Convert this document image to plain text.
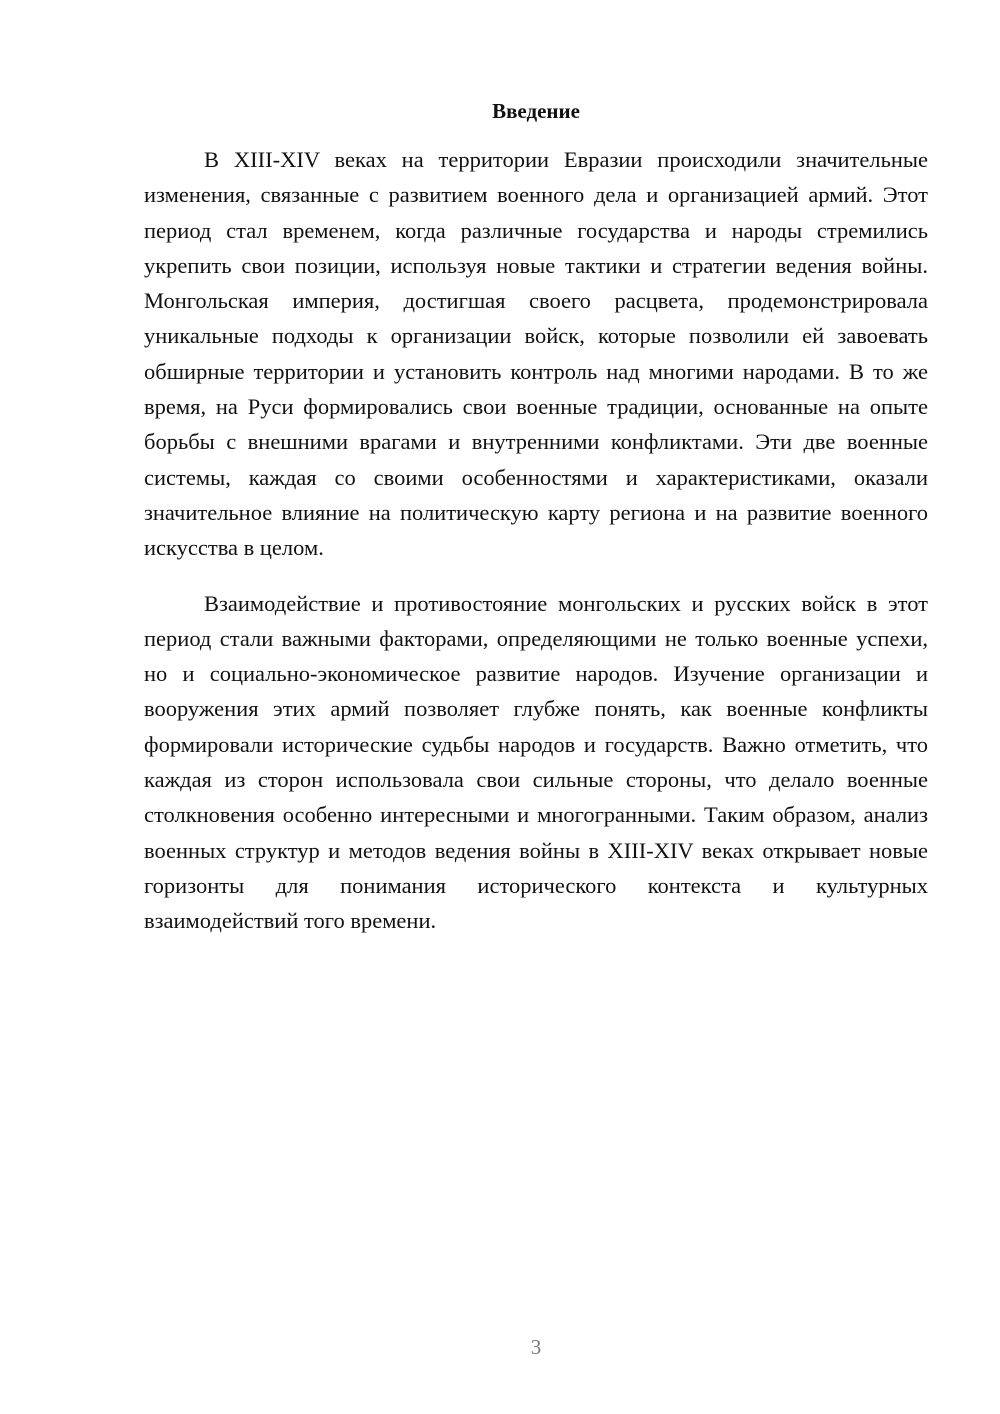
Введение

В XIII-XIV веках на территории Евразии происходили значительные изменения, связанные с развитием военного дела и организацией армий. Этот период стал временем, когда различные государства и народы стремились укрепить свои позиции, используя новые тактики и стратегии ведения войны. Монгольская империя, достигшая своего расцвета, продемонстрировала уникальные подходы к организации войск, которые позволили ей завоевать обширные территории и установить контроль над многими народами. В то же время, на Руси формировались свои военные традиции, основанные на опыте борьбы с внешними врагами и внутренними конфликтами. Эти две военные системы, каждая со своими особенностями и характеристиками, оказали значительное влияние на политическую карту региона и на развитие военного искусства в целом.

Взаимодействие и противостояние монгольских и русских войск в этот период стали важными факторами, определяющими не только военные успехи, но и социально-экономическое развитие народов. Изучение организации и вооружения этих армий позволяет глубже понять, как военные конфликты формировали исторические судьбы народов и государств. Важно отметить, что каждая из сторон использовала свои сильные стороны, что делало военные столкновения особенно интересными и многогранными. Таким образом, анализ военных структур и методов ведения войны в XIII-XIV веках открывает новые горизонты для понимания исторического контекста и культурных взаимодействий того времени.

3
